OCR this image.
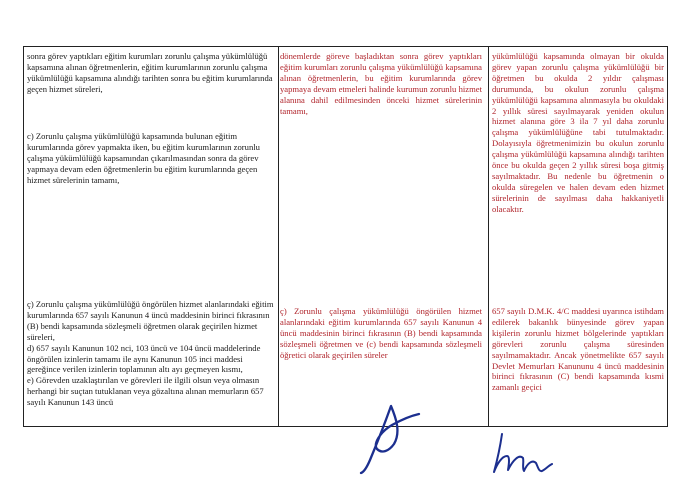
sonra görev yaptıkları eğitim kurumları zorunlu çalışma yükümlülüğü kapsamına alınan öğretmenlerin, eğitim kurumlarının zorunlu çalışma yükümlülüğü kapsamına alındığı tarihten sonra bu eğitim kurumlarında geçen hizmet süreleri,

c) Zorunlu çalışma yükümlülüğü kapsamında bulunan eğitim kurumlarında görev yapmakta iken, bu eğitim kurumlarının zorunlu çalışma yükümlülüğü kapsamından çıkarılmasından sonra da görev yapmaya devam eden öğretmenlerin bu eğitim kurumlarında geçen hizmet sürelerinin tamamı,

ç) Zorunlu çalışma yükümlülüğü öngörülen hizmet alanlarındaki eğitim kurumlarında 657 sayılı Kanunun 4 üncü maddesinin birinci fıkrasının (B) bendi kapsamında sözleşmeli öğretmen olarak geçirilen hizmet süreleri,
d) 657 sayılı Kanunun 102 nci, 103 üncü ve 104 üncü maddelerinde öngörülen izinlerin tamamı ile aynı Kanunun 105 inci maddesi gereğince verilen izinlerin toplamının altı ayı geçmeyen kısmı,
e) Görevden uzaklaştırılan ve görevleri ile ilgili olsun veya olmasın herhangi bir suçtan tutuklanan veya gözaltına alınan memurların 657 sayılı Kanunun 143 üncü

dönemlerde göreve başladıktan sonra görev yaptıkları eğitim kurumları zorunlu çalışma yükümlülüğü kapsamına alınan öğretmenlerin, bu eğitim kurumlarında görev yapmaya devam etmeleri halinde kurumun zorunlu hizmet alanına dahil edilmesinden önceki hizmet sürelerinin tamamı,

ç) Zorunlu çalışma yükümlülüğü öngörülen hizmet alanlarındaki eğitim kurumlarında 657 sayılı Kanunun 4 üncü maddesinin birinci fıkrasının (B) bendi kapsamında sözleşmeli öğretmen ve (c) bendi kapsamında sözleşmeli öğretici olarak geçirilen süreler

yükümlülüğü kapsamında olmayan bir okulda görev yapan zorunlu çalışma yükümlülüğü bir öğretmen bu okulda 2 yıldır çalışması durumunda, bu okulun zorunlu çalışma yükümlülüğü kapsamına alınmasıyla bu okuldaki 2 yıllık süresi sayılmayarak yeniden okulun hizmet alanına göre 3 ila 7 yıl daha zorunlu çalışma yükümlülüğüne tabi tutulmaktadır. Dolayısıyla öğretmenimizin bu okulun zorunlu çalışma yükümlülüğü kapsamına alındığı tarihten önce bu okulda geçen 2 yıllık süresi boşa gitmiş sayılmaktadır. Bu nedenle bu öğretmenin o okulda süregelen ve halen devam eden hizmet sürelerinin de sayılması daha hakkaniyetli olacaktır.

657 sayılı D.M.K. 4/C maddesi uyarınca istihdam edilerek bakanlık bünyesinde görev yapan kişilerin zorunlu hizmet bölgelerinde yaptıkları görevleri zorunlu çalışma süresinden sayılmamaktadır. Ancak yönetmelikte 657 sayılı Devlet Memurları Kanununu 4 üncü maddesinin birinci fıkrasının (C) bendi kapsamında kısmi zamanlı geçici
